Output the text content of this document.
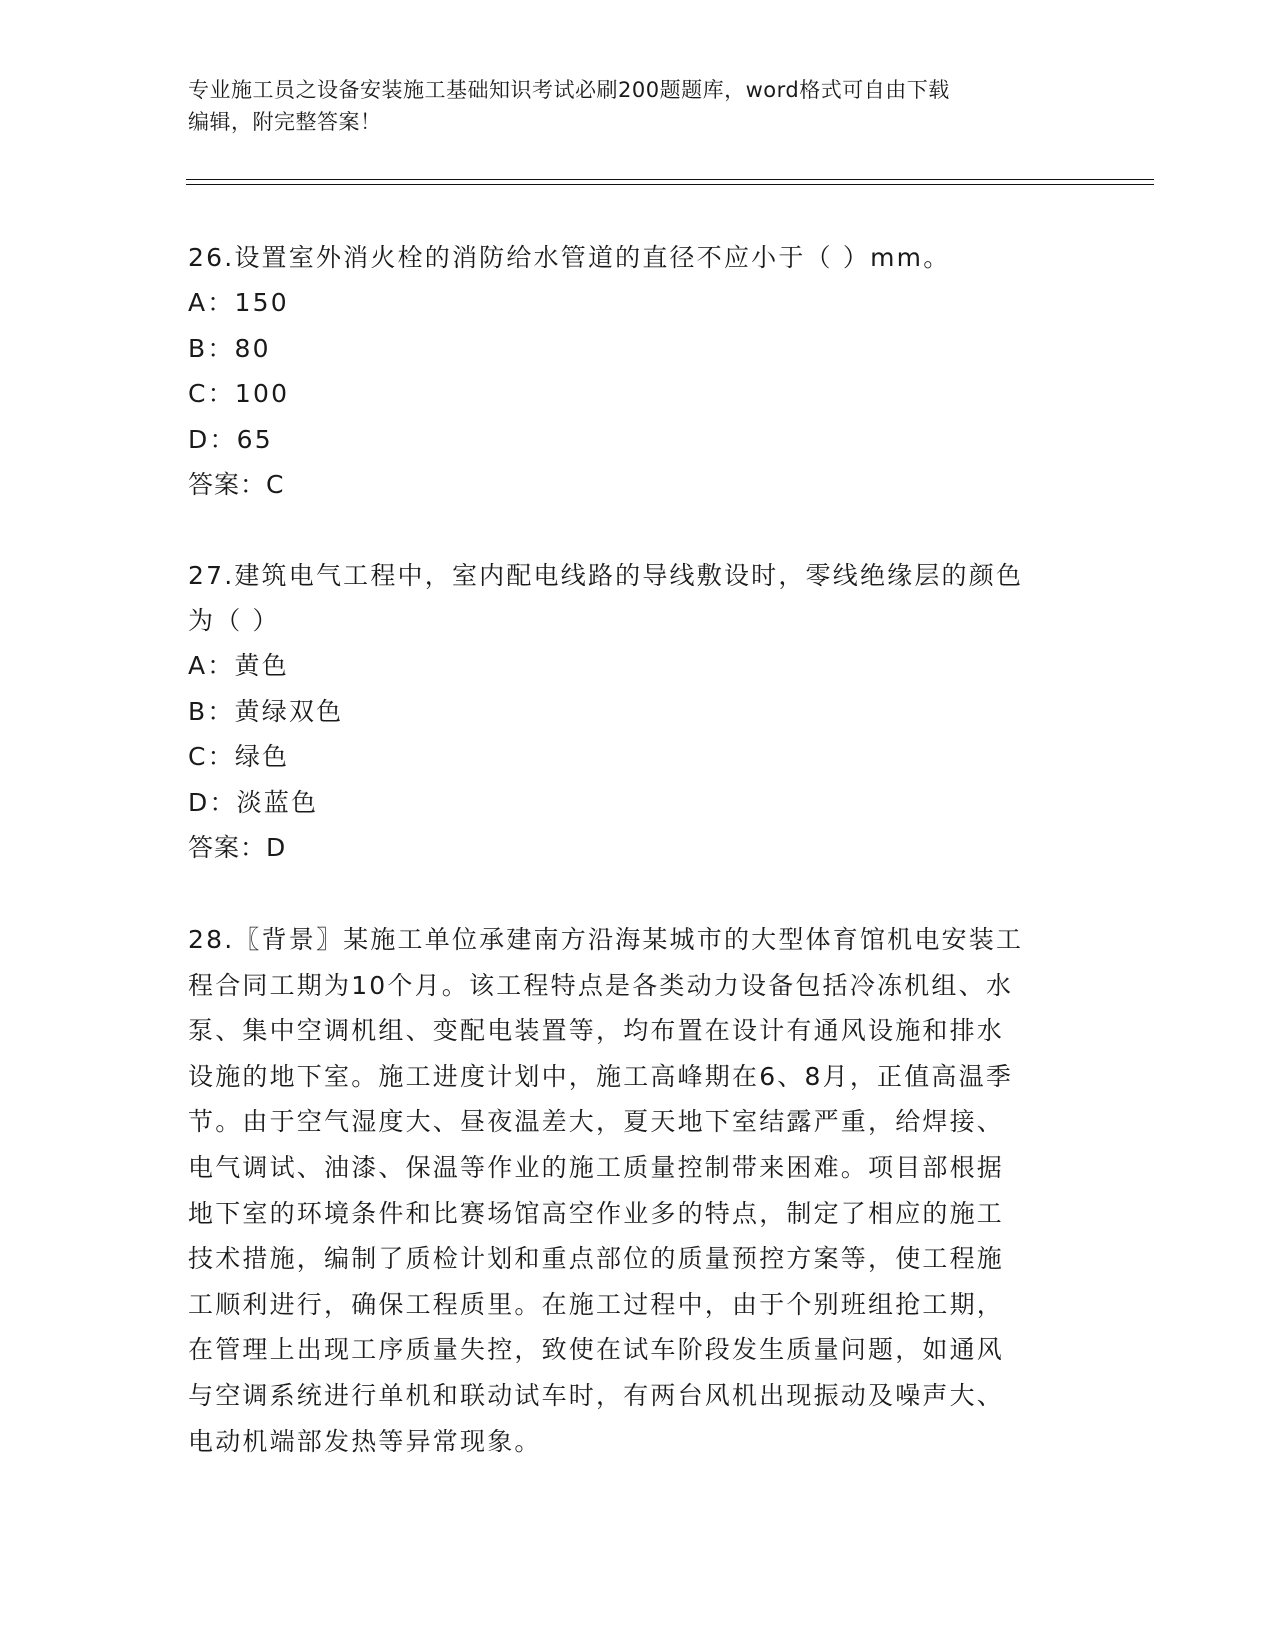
专业施工员之设备安装施工基础知识考试必刷200题题库，word格式可自由下载
编辑，附完整答案！
26.设置室外消火栓的消防给水管道的直径不应小于（ ）mm。
A：150
B：80
C：100
D：65
答案：C
27.建筑电气工程中，室内配电线路的导线敷设时，零线绝缘层的颜色
为（ ）
A：黄色
B：黄绿双色
C：绿色
D：淡蓝色
答案：D
28.〖背景〗某施工单位承建南方沿海某城市的大型体育馆机电安装工
程合同工期为10个月。该工程特点是各类动力设备包括冷冻机组、水
泵、集中空调机组、变配电装置等，均布置在设计有通风设施和排水
设施的地下室。施工进度计划中，施工高峰期在6、8月，正值高温季
节。由于空气湿度大、昼夜温差大，夏天地下室结露严重，给焊接、
电气调试、油漆、保温等作业的施工质量控制带来困难。项目部根据
地下室的环境条件和比赛场馆高空作业多的特点，制定了相应的施工
技术措施，编制了质检计划和重点部位的质量预控方案等，使工程施
工顺利进行，确保工程质里。在施工过程中，由于个别班组抢工期，
在管理上出现工序质量失控，致使在试车阶段发生质量问题，如通风
与空调系统进行单机和联动试车时，有两台风机出现振动及噪声大、
电动机端部发热等异常现象。
